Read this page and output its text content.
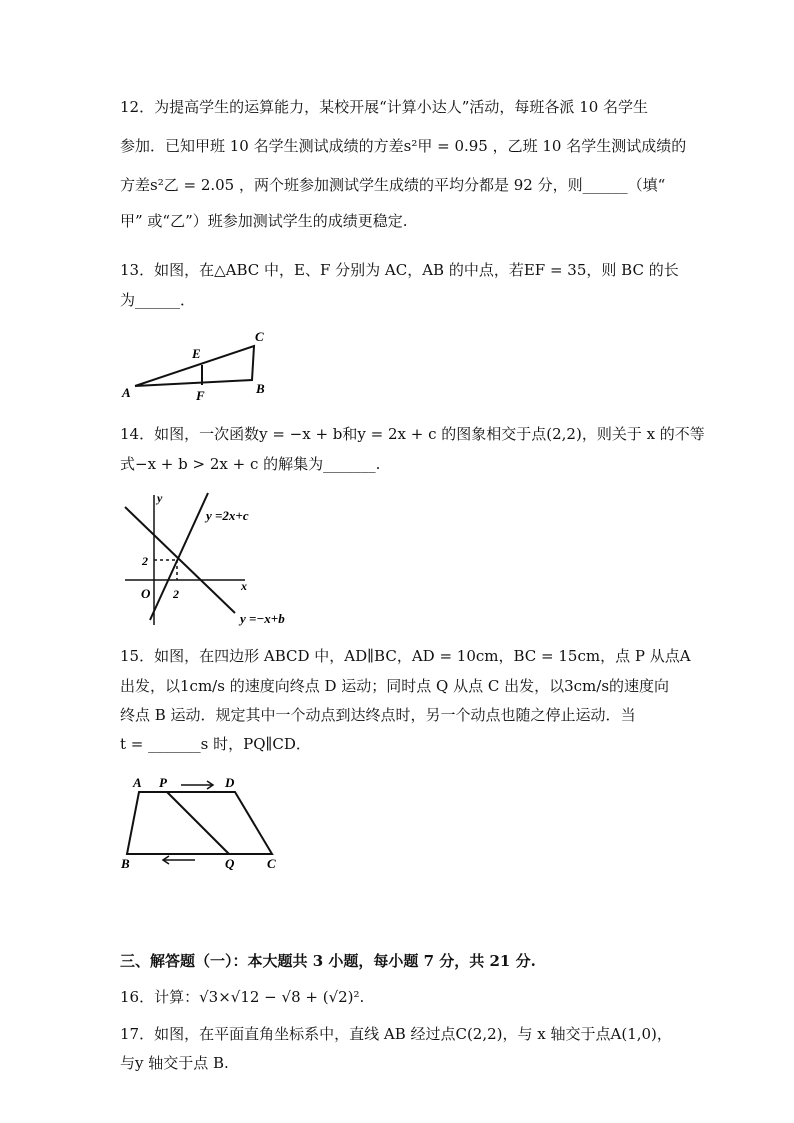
12．为提高学生的运算能力，某校开展“计算小达人”活动，每班各派 10 名学生
参加．已知甲班 10 名学生测试成绩的方差s²甲 = 0.95 ，乙班 10 名学生测试成绩的
方差s²乙 = 2.05 ，两个班参加测试学生成绩的平均分都是 92 分，则______（填“
甲” 或“乙”）班参加测试学生的成绩更稳定.
13．如图，在△ABC 中，E、F 分别为 AC，AB 的中点，若EF = 35，则 BC 的长
为______．
A
C
B
E
F
14．如图，一次函数y = −x + b和y = 2x + c 的图象相交于点(2,2)，则关于 x 的不等
式−x + b > 2x + c 的解集为_______.
y
x
O
2
2
y =2x+c
y =−x+b
15．如图，在四边形 ABCD 中，AD∥BC，AD = 10cm，BC = 15cm，点 P 从点A
出发，以1cm/s 的速度向终点 D 运动；同时点 Q 从点 C 出发，以3cm/s的速度向
终点 B 运动．规定其中一个动点到达终点时，另一个动点也随之停止运动．当
t = _______s 时，PQ∥CD．
A P	D
B	Q	C
三、解答题（一）：本大题共 3 小题，每小题 7 分，共 21 分.
16．计算：√3×√12 − √8 + (√2)².
17．如图，在平面直角坐标系中，直线 AB 经过点C(2,2)，与 x 轴交于点A(1,0)，
与y 轴交于点 B.
